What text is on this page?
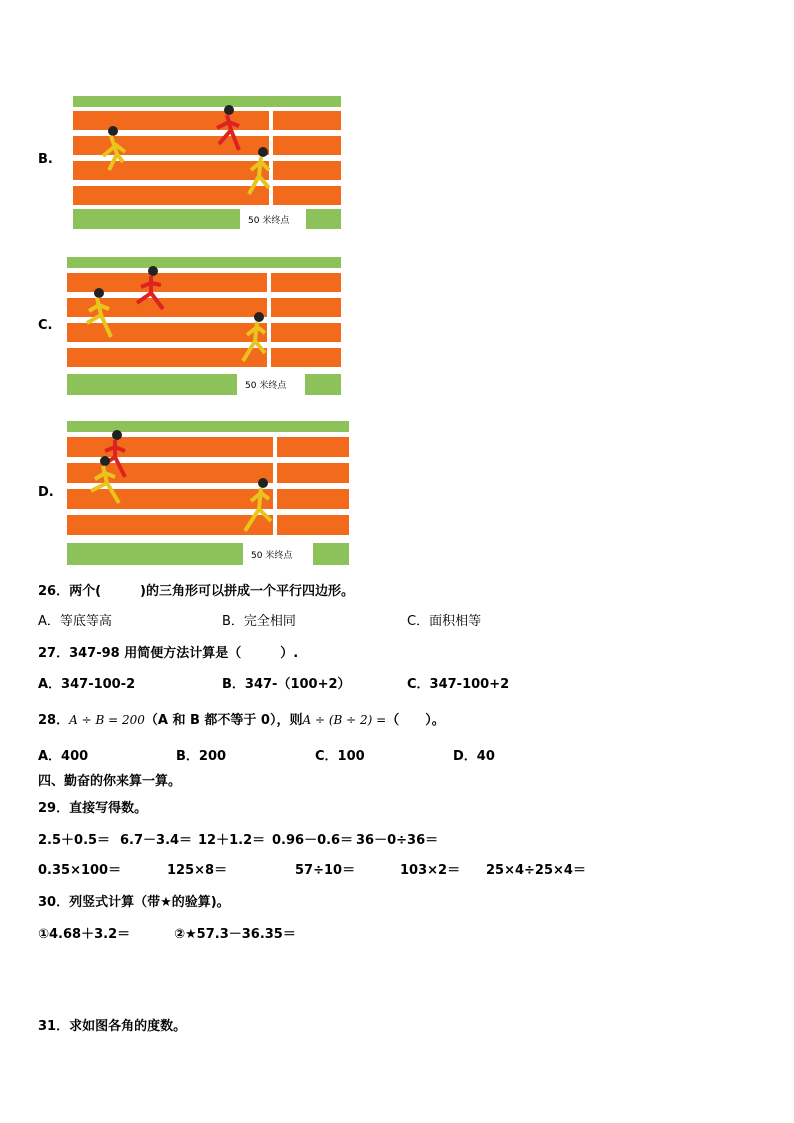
B.
50 米终点
C.
50 米终点
D.
50 米终点
26．两个(　　　)的三角形可以拼成一个平行四边形。
A．等底等高	B．完全相同	C．面积相等
27．347-98 用简便方法计算是（　　　）.
A．347-100-2	B．347-（100+2）	C．347-100+2
28．A ÷ B = 200（A 和 B 都不等于 0），则A ÷ (B ÷ 2) =（　　）。
A．400	B．200	C．100	D．40
四、勤奋的你来算一算。
29．直接写得数。
2.5＋0.5＝ 6.7－3.4＝ 12＋1.2＝ 0.96－0.6＝ 36－0÷36＝
0.35×100＝	125×8＝	57÷10＝	103×2＝ 25×4÷25×4＝
30．列竖式计算（带★的验算)。
①4.68＋3.2＝	②★57.3－36.35＝
31．求如图各角的度数。
